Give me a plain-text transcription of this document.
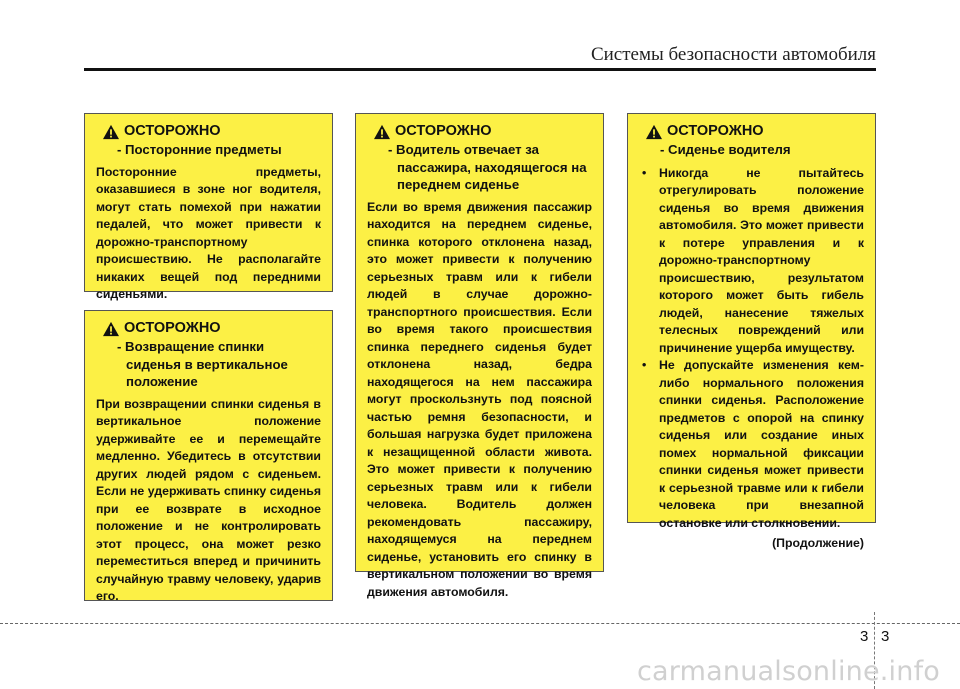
Системы безопасности автомобиля
ОСТОРОЖНО
- Посторонние предметы
Посторонние предметы, оказавшиеся в зоне ног водителя, могут стать помехой при нажатии педалей, что может привести к дорожно-транспортному происшествию. Не располагайте никаких вещей под передними сиденьями.
ОСТОРОЖНО
- Возвращение спинки сиденья в вертикальное положение
При возвращении спинки сиденья в вертикальное положение удерживайте ее и перемещайте медленно. Убедитесь в отсутствии других людей рядом с сиденьем. Если не удерживать спинку сиденья при ее возврате в исходное положение и не контролировать этот процесс, она может резко переместиться вперед и причинить случайную травму человеку, ударив его.
ОСТОРОЖНО
- Водитель отвечает за пассажира, находящегося на переднем сиденье
Если во время движения пассажир находится на переднем сиденье, спинка которого отклонена назад, это может привести к получению серьезных травм или к гибели людей в случае дорожно-транспортного происшествия. Если во время такого происшествия спинка переднего сиденья будет отклонена назад, бедра находящегося на нем пассажира могут проскользнуть под поясной частью ремня безопасности, и большая нагрузка будет приложена к незащищенной области живота. Это может привести к получению серьезных травм или к гибели человека. Водитель должен рекомендовать пассажиру, находящемуся на переднем сиденье, установить его спинку в вертикальном положении во время движения автомобиля.
ОСТОРОЖНО
- Сиденье водителя
• Никогда не пытайтесь отрегулировать положение сиденья во время движения автомобиля. Это может привести к потере управления и к дорожно-транспортному происшествию, результатом которого может быть гибель людей, нанесение тяжелых телесных повреждений или причинение ущерба имуществу.
• Не допускайте изменения кем-либо нормального положения спинки сиденья. Расположение предметов с опорой на спинку сиденья или создание иных помех нормальной фиксации спинки сиденья может привести к серьезной травме или к гибели человека при внезапной остановке или столкновении.
(Продолжение)
3 3
carmanualsonline.info
